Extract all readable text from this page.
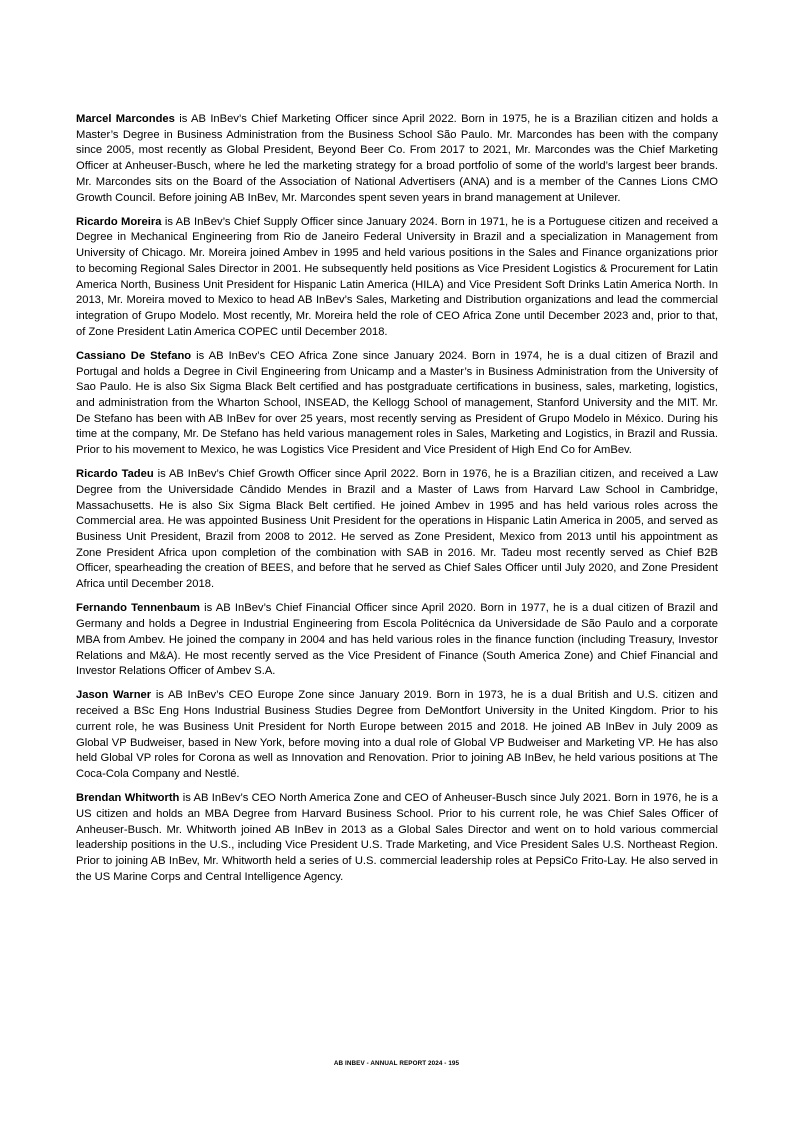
Marcel Marcondes is AB InBev’s Chief Marketing Officer since April 2022. Born in 1975, he is a Brazilian citizen and holds a Master’s Degree in Business Administration from the Business School São Paulo. Mr. Marcondes has been with the company since 2005, most recently as Global President, Beyond Beer Co. From 2017 to 2021, Mr. Marcondes was the Chief Marketing Officer at Anheuser-Busch, where he led the marketing strategy for a broad portfolio of some of the world’s largest beer brands. Mr. Marcondes sits on the Board of the Association of National Advertisers (ANA) and is a member of the Cannes Lions CMO Growth Council. Before joining AB InBev, Mr. Marcondes spent seven years in brand management at Unilever.

Ricardo Moreira is AB InBev’s Chief Supply Officer since January 2024. Born in 1971, he is a Portuguese citizen and received a Degree in Mechanical Engineering from Rio de Janeiro Federal University in Brazil and a specialization in Management from University of Chicago. Mr. Moreira joined Ambev in 1995 and held various positions in the Sales and Finance organizations prior to becoming Regional Sales Director in 2001. He subsequently held positions as Vice President Logistics & Procurement for Latin America North, Business Unit President for Hispanic Latin America (HILA) and Vice President Soft Drinks Latin America North. In 2013, Mr. Moreira moved to Mexico to head AB InBev’s Sales, Marketing and Distribution organizations and lead the commercial integration of Grupo Modelo. Most recently, Mr. Moreira held the role of CEO Africa Zone until December 2023 and, prior to that, of Zone President Latin America COPEC until December 2018.

Cassiano De Stefano is AB InBev’s CEO Africa Zone since January 2024. Born in 1974, he is a dual citizen of Brazil and Portugal and holds a Degree in Civil Engineering from Unicamp and a Master’s in Business Administration from the University of Sao Paulo. He is also Six Sigma Black Belt certified and has postgraduate certifications in business, sales, marketing, logistics, and administration from the Wharton School, INSEAD, the Kellogg School of management, Stanford University and the MIT. Mr. De Stefano has been with AB InBev for over 25 years, most recently serving as President of Grupo Modelo in México. During his time at the company, Mr. De Stefano has held various management roles in Sales, Marketing and Logistics, in Brazil and Russia. Prior to his movement to Mexico, he was Logistics Vice President and Vice President of High End Co for AmBev.

Ricardo Tadeu is AB InBev’s Chief Growth Officer since April 2022. Born in 1976, he is a Brazilian citizen, and received a Law Degree from the Universidade Cândido Mendes in Brazil and a Master of Laws from Harvard Law School in Cambridge, Massachusetts. He is also Six Sigma Black Belt certified. He joined Ambev in 1995 and has held various roles across the Commercial area. He was appointed Business Unit President for the operations in Hispanic Latin America in 2005, and served as Business Unit President, Brazil from 2008 to 2012. He served as Zone President, Mexico from 2013 until his appointment as Zone President Africa upon completion of the combination with SAB in 2016. Mr. Tadeu most recently served as Chief B2B Officer, spearheading the creation of BEES, and before that he served as Chief Sales Officer until July 2020, and Zone President Africa until December 2018.

Fernando Tennenbaum is AB InBev’s Chief Financial Officer since April 2020. Born in 1977, he is a dual citizen of Brazil and Germany and holds a Degree in Industrial Engineering from Escola Politécnica da Universidade de São Paulo and a corporate MBA from Ambev. He joined the company in 2004 and has held various roles in the finance function (including Treasury, Investor Relations and M&A). He most recently served as the Vice President of Finance (South America Zone) and Chief Financial and Investor Relations Officer of Ambev S.A.

Jason Warner is AB InBev’s CEO Europe Zone since January 2019. Born in 1973, he is a dual British and U.S. citizen and received a BSc Eng Hons Industrial Business Studies Degree from DeMontfort University in the United Kingdom. Prior to his current role, he was Business Unit President for North Europe between 2015 and 2018. He joined AB InBev in July 2009 as Global VP Budweiser, based in New York, before moving into a dual role of Global VP Budweiser and Marketing VP. He has also held Global VP roles for Corona as well as Innovation and Renovation. Prior to joining AB InBev, he held various positions at The Coca-Cola Company and Nestlé.

Brendan Whitworth is AB InBev’s CEO North America Zone and CEO of Anheuser-Busch since July 2021. Born in 1976, he is a US citizen and holds an MBA Degree from Harvard Business School. Prior to his current role, he was Chief Sales Officer of Anheuser-Busch. Mr. Whitworth joined AB InBev in 2013 as a Global Sales Director and went on to hold various commercial leadership positions in the U.S., including Vice President U.S. Trade Marketing, and Vice President Sales U.S. Northeast Region. Prior to joining AB InBev, Mr. Whitworth held a series of U.S. commercial leadership roles at PepsiCo Frito-Lay. He also served in the US Marine Corps and Central Intelligence Agency.

AB INBEV - ANNUAL REPORT 2024 - 195
